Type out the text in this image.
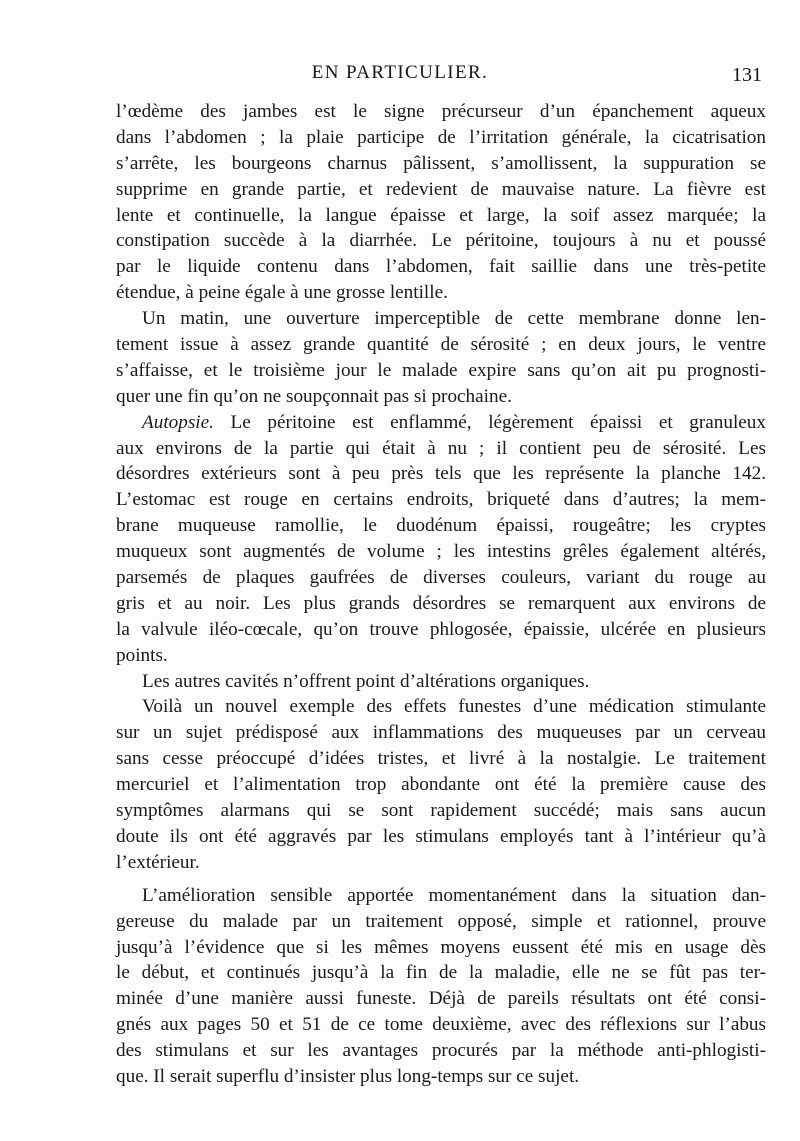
EN PARTICULIER.	131
l’œdème des jambes est le signe précurseur d’un épanchement aqueux
dans l’abdomen ; la plaie participe de l’irritation générale, la cicatrisation
s’arrête, les bourgeons charnus pâlissent, s’amollissent, la suppuration se
supprime en grande partie, et redevient de mauvaise nature. La fièvre est
lente et continuelle, la langue épaisse et large, la soif assez marquée; la
constipation succède à la diarrhée. Le péritoine, toujours à nu et poussé
par le liquide contenu dans l’abdomen, fait saillie dans une très-petite
étendue, à peine égale à une grosse lentille.
Un matin, une ouverture imperceptible de cette membrane donne len-
tement issue à assez grande quantité de sérosité ; en deux jours, le ventre
s’affaisse, et le troisième jour le malade expire sans qu’on ait pu prognosti-
quer une fin qu’on ne soupçonnait pas si prochaine.
Autopsie. Le péritoine est enflammé, légèrement épaissi et granuleux
aux environs de la partie qui était à nu ; il contient peu de sérosité. Les
désordres extérieurs sont à peu près tels que les représente la planche 142.
L’estomac est rouge en certains endroits, briqueté dans d’autres; la mem-
brane muqueuse ramollie, le duodénum épaissi, rougeâtre; les cryptes
muqueux sont augmentés de volume ; les intestins grêles également altérés,
parsemés de plaques gaufrées de diverses couleurs, variant du rouge au
gris et au noir. Les plus grands désordres se remarquent aux environs de
la valvule iléo-cœcale, qu’on trouve phlogosée, épaissie, ulcérée en plusieurs
points.
Les autres cavités n’offrent point d’altérations organiques.
Voilà un nouvel exemple des effets funestes d’une médication stimulante
sur un sujet prédisposé aux inflammations des muqueuses par un cerveau
sans cesse préoccupé d’idées tristes, et livré à la nostalgie. Le traitement
mercuriel et l’alimentation trop abondante ont été la première cause des
symptômes alarmans qui se sont rapidement succédé; mais sans aucun
doute ils ont été aggravés par les stimulans employés tant à l’intérieur qu’à
l’extérieur.
L’amélioration sensible apportée momentanément dans la situation dan-
gereuse du malade par un traitement opposé, simple et rationnel, prouve
jusqu’à l’évidence que si les mêmes moyens eussent été mis en usage dès
le début, et continués jusqu’à la fin de la maladie, elle ne se fût pas ter-
minée d’une manière aussi funeste. Déjà de pareils résultats ont été consi-
gnés aux pages 50 et 51 de ce tome deuxième, avec des réflexions sur l’abus
des stimulans et sur les avantages procurés par la méthode anti-phlogisti-
que. Il serait superflu d’insister plus long-temps sur ce sujet.
